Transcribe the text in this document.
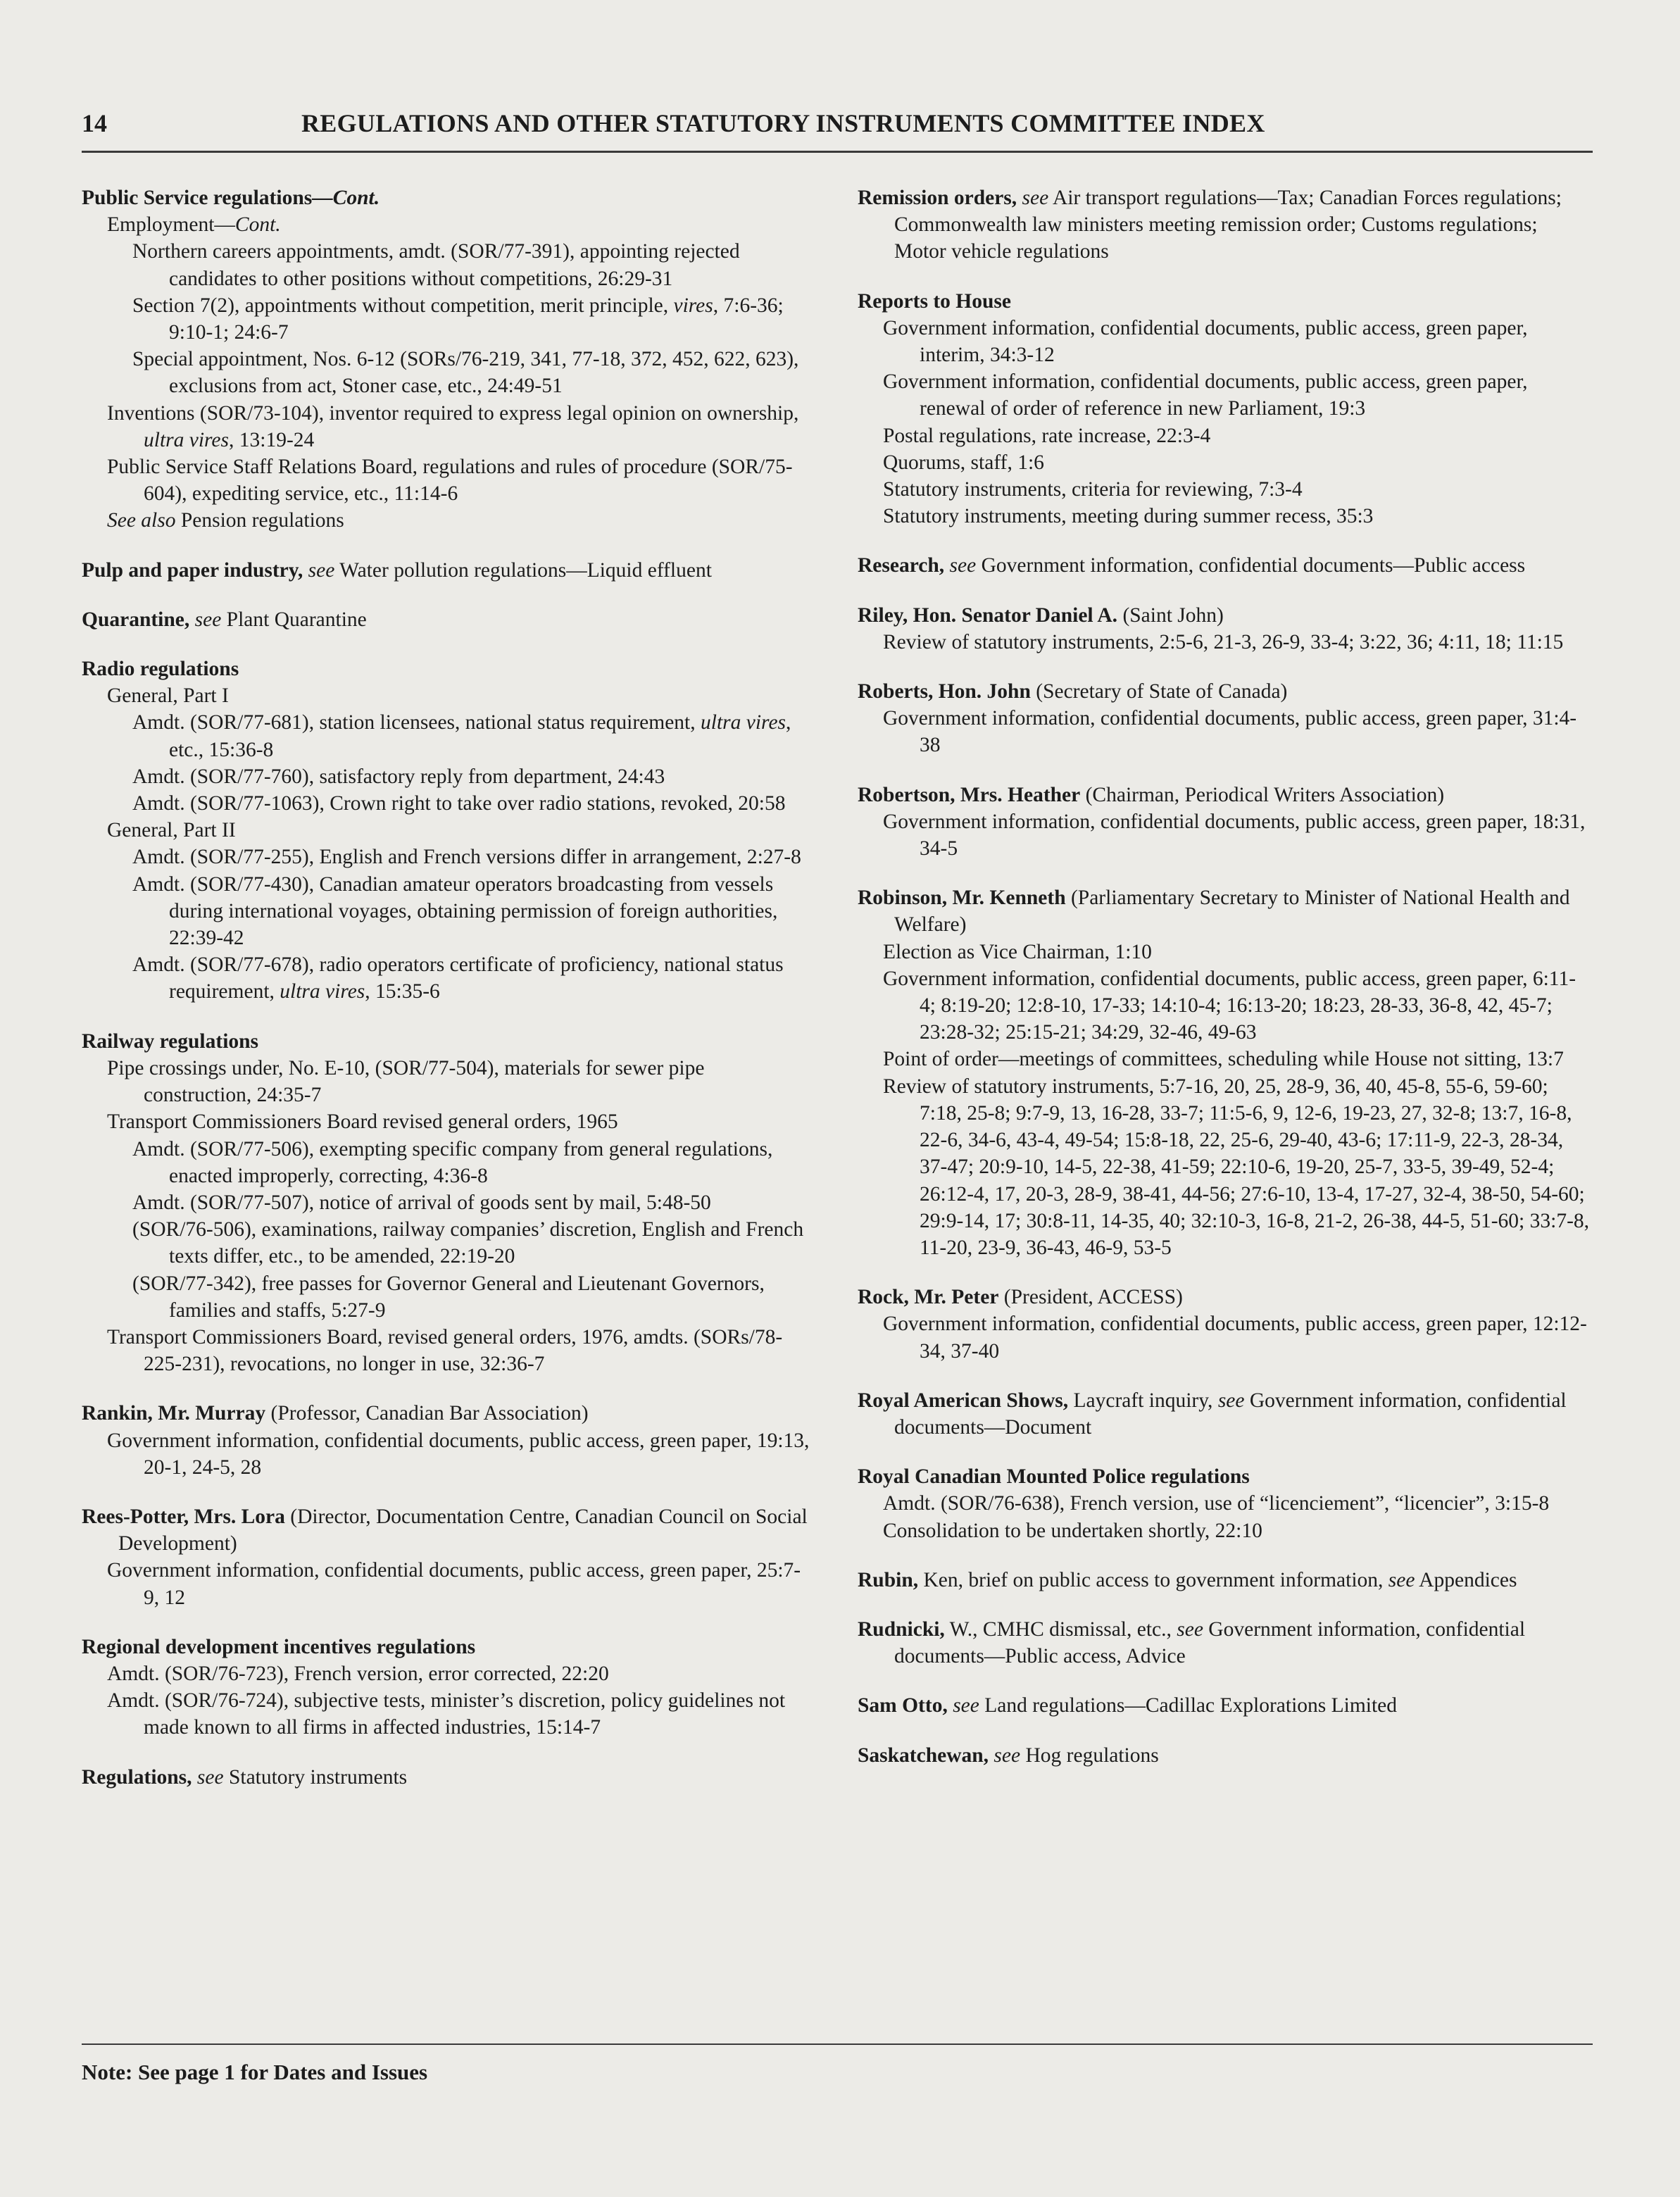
14	REGULATIONS AND OTHER STATUTORY INSTRUMENTS COMMITTEE INDEX
Public Service regulations—Cont.
Employment—Cont.
Northern careers appointments, amdt. (SOR/77-391), appointing rejected candidates to other positions without competitions, 26:29-31
Section 7(2), appointments without competition, merit principle, vires, 7:6-36; 9:10-1; 24:6-7
Special appointment, Nos. 6-12 (SORs/76-219, 341, 77-18, 372, 452, 622, 623), exclusions from act, Stoner case, etc., 24:49-51
Inventions (SOR/73-104), inventor required to express legal opinion on ownership, ultra vires, 13:19-24
Public Service Staff Relations Board, regulations and rules of procedure (SOR/75-604), expediting service, etc., 11:14-6
See also Pension regulations
Pulp and paper industry, see Water pollution regulations—Liquid effluent
Quarantine, see Plant Quarantine
Radio regulations
General, Part I
Amdt. (SOR/77-681), station licensees, national status requirement, ultra vires, etc., 15:36-8
Amdt. (SOR/77-760), satisfactory reply from department, 24:43
Amdt. (SOR/77-1063), Crown right to take over radio stations, revoked, 20:58
General, Part II
Amdt. (SOR/77-255), English and French versions differ in arrangement, 2:27-8
Amdt. (SOR/77-430), Canadian amateur operators broadcasting from vessels during international voyages, obtaining permission of foreign authorities, 22:39-42
Amdt. (SOR/77-678), radio operators certificate of proficiency, national status requirement, ultra vires, 15:35-6
Railway regulations
Pipe crossings under, No. E-10, (SOR/77-504), materials for sewer pipe construction, 24:35-7
Transport Commissioners Board revised general orders, 1965
Amdt. (SOR/77-506), exempting specific company from general regulations, enacted improperly, correcting, 4:36-8
Amdt. (SOR/77-507), notice of arrival of goods sent by mail, 5:48-50
(SOR/76-506), examinations, railway companies’ discretion, English and French texts differ, etc., to be amended, 22:19-20
(SOR/77-342), free passes for Governor General and Lieutenant Governors, families and staffs, 5:27-9
Transport Commissioners Board, revised general orders, 1976, amdts. (SORs/78-225-231), revocations, no longer in use, 32:36-7
Rankin, Mr. Murray (Professor, Canadian Bar Association)
Government information, confidential documents, public access, green paper, 19:13, 20-1, 24-5, 28
Rees-Potter, Mrs. Lora (Director, Documentation Centre, Canadian Council on Social Development)
Government information, confidential documents, public access, green paper, 25:7-9, 12
Regional development incentives regulations
Amdt. (SOR/76-723), French version, error corrected, 22:20
Amdt. (SOR/76-724), subjective tests, minister’s discretion, policy guidelines not made known to all firms in affected industries, 15:14-7
Regulations, see Statutory instruments
Remission orders, see Air transport regulations—Tax; Canadian Forces regulations; Commonwealth law ministers meeting remission order; Customs regulations; Motor vehicle regulations
Reports to House
Government information, confidential documents, public access, green paper, interim, 34:3-12
Government information, confidential documents, public access, green paper, renewal of order of reference in new Parliament, 19:3
Postal regulations, rate increase, 22:3-4
Quorums, staff, 1:6
Statutory instruments, criteria for reviewing, 7:3-4
Statutory instruments, meeting during summer recess, 35:3
Research, see Government information, confidential documents—Public access
Riley, Hon. Senator Daniel A. (Saint John)
Review of statutory instruments, 2:5-6, 21-3, 26-9, 33-4; 3:22, 36; 4:11, 18; 11:15
Roberts, Hon. John (Secretary of State of Canada)
Government information, confidential documents, public access, green paper, 31:4-38
Robertson, Mrs. Heather (Chairman, Periodical Writers Association)
Government information, confidential documents, public access, green paper, 18:31, 34-5
Robinson, Mr. Kenneth (Parliamentary Secretary to Minister of National Health and Welfare)
Election as Vice Chairman, 1:10
Government information, confidential documents, public access, green paper, 6:11-4; 8:19-20; 12:8-10, 17-33; 14:10-4; 16:13-20; 18:23, 28-33, 36-8, 42, 45-7; 23:28-32; 25:15-21; 34:29, 32-46, 49-63
Point of order—meetings of committees, scheduling while House not sitting, 13:7
Review of statutory instruments, 5:7-16, 20, 25, 28-9, 36, 40, 45-8, 55-6, 59-60; 7:18, 25-8; 9:7-9, 13, 16-28, 33-7; 11:5-6, 9, 12-6, 19-23, 27, 32-8; 13:7, 16-8, 22-6, 34-6, 43-4, 49-54; 15:8-18, 22, 25-6, 29-40, 43-6; 17:11-9, 22-3, 28-34, 37-47; 20:9-10, 14-5, 22-38, 41-59; 22:10-6, 19-20, 25-7, 33-5, 39-49, 52-4; 26:12-4, 17, 20-3, 28-9, 38-41, 44-56; 27:6-10, 13-4, 17-27, 32-4, 38-50, 54-60; 29:9-14, 17; 30:8-11, 14-35, 40; 32:10-3, 16-8, 21-2, 26-38, 44-5, 51-60; 33:7-8, 11-20, 23-9, 36-43, 46-9, 53-5
Rock, Mr. Peter (President, ACCESS)
Government information, confidential documents, public access, green paper, 12:12-34, 37-40
Royal American Shows, Laycraft inquiry, see Government information, confidential documents—Document
Royal Canadian Mounted Police regulations
Amdt. (SOR/76-638), French version, use of “licenciement”, “licencier”, 3:15-8
Consolidation to be undertaken shortly, 22:10
Rubin, Ken, brief on public access to government information, see Appendices
Rudnicki, W., CMHC dismissal, etc., see Government information, confidential documents—Public access, Advice
Sam Otto, see Land regulations—Cadillac Explorations Limited
Saskatchewan, see Hog regulations
Note: See page 1 for Dates and Issues
